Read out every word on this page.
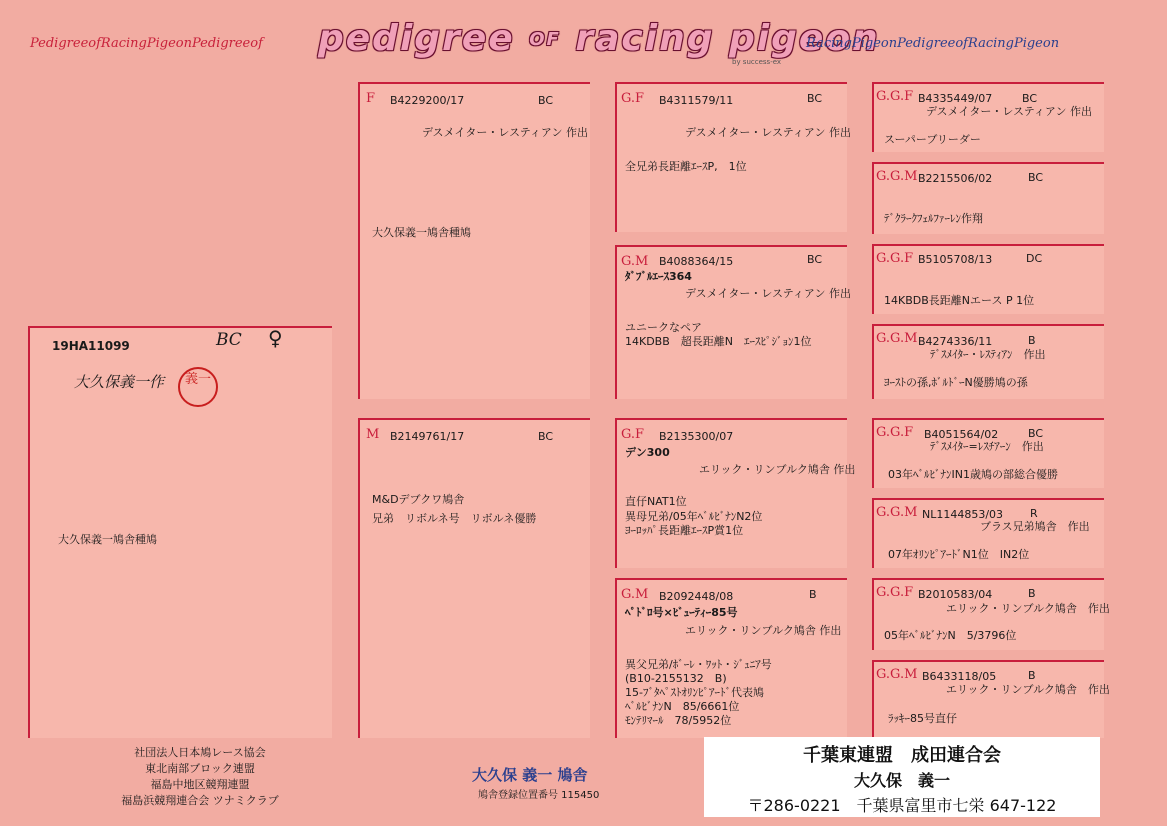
PedigreeofRacingPigeonPedigreeof pedigree OF racing pigeon
by success-ex
RacingPigeonPedigreeofRacingPigeon
19HA11099	BC ♀
大久保義一作
大久保義一鳩舎種鳩
義一
F B4229200/17	BC
デスメイター・レスティアン 作出
大久保義一鳩舎種鳩
M B2149761/17	BC
M&Dデブクワ鳩舎
兄弟　リボルネ号　リボルネ優勝
G.F B4311579/11	BC
デスメイター・レスティアン 作出
全兄弟長距離ｴｰｽP,　1位
G.M B4088364/15	BC
ﾀﾞﾌﾞﾙｴｰｽ364
デスメイター・レスティアン 作出
ユニークなペア
14KDBB　超長距離N　ｴｰｽﾋﾟｼﾞｮﾝ1位
G.F B2135300/07
デン300
エリック・リンブルク鳩舎 作出
直仔NAT1位
異母兄弟/05年ﾍﾞﾙﾋﾞﾅﾝN2位
ﾖｰﾛｯﾊﾟ長距離ｴｰｽP賞1位
G.M B2092448/08	B
ﾍﾟﾄﾞﾛ号×ﾋﾞｭｰﾃｨｰ85号
エリック・リンブルク鳩舎 作出
異父兄弟/ﾎﾞｰﾚ・ﾜｯﾄ・ｼﾞｭﾆｱ号
(B10-2155132　B)
15-ﾌﾞﾀﾍﾟｽﾄｵﾘﾝﾋﾟｱｰﾄﾞ代表鳩
ﾍﾞﾙﾋﾞﾅﾝN　85/6661位
ﾓﾝﾃﾘﾏｰﾙ　78/5952位
G.G.F B4335449/07	BC
デスメイター・レスティアン 作出
スーパーブリーダー
G.G.M B2215506/02	BC
ﾃﾞｸﾗｰｸﾌｪﾙﾌｧｰﾚﾝ作翔
G.G.F B5105708/13	DC
14KBDB長距離Nエース P 1位
G.G.M B4274336/11	B
ﾃﾞｽﾒｲﾀｰ・ﾚｽﾃｨｱﾝ　作出
ﾖｰｽﾄの孫,ﾎﾞﾙﾄﾞｰN優勝鳩の孫
G.G.F B4051564/02	BC
ﾃﾞｽﾒｲﾀｰ=ﾚｽﾁｱｰﾝ　作出
03年ﾍﾞﾙﾋﾞﾅﾝIN1歳鳩の部総合優勝
G.G.M NL1144853/03 R
ブラス兄弟鳩舎　作出
07年ｵﾘﾝﾋﾟｱｰﾄﾞN1位　IN2位
G.G.F B2010583/04	B
エリック・リンブルク鳩舎　作出
05年ﾍﾞﾙﾋﾞﾅﾝN　5/3796位
G.G.M B6433118/05	B
エリック・リンブルク鳩舎　作出
ﾗｯｷｰ85号直仔
社団法人日本鳩レース協会
東北南部ブロック連盟
福島中地区競翔連盟
福島浜競翔連合会 ツナミクラブ
大久保 義一 鳩舎
鳩舎登録位置番号 115450
千葉東連盟　成田連合会
大久保　義一
〒286-0221　千葉県富里市七栄 647-122
